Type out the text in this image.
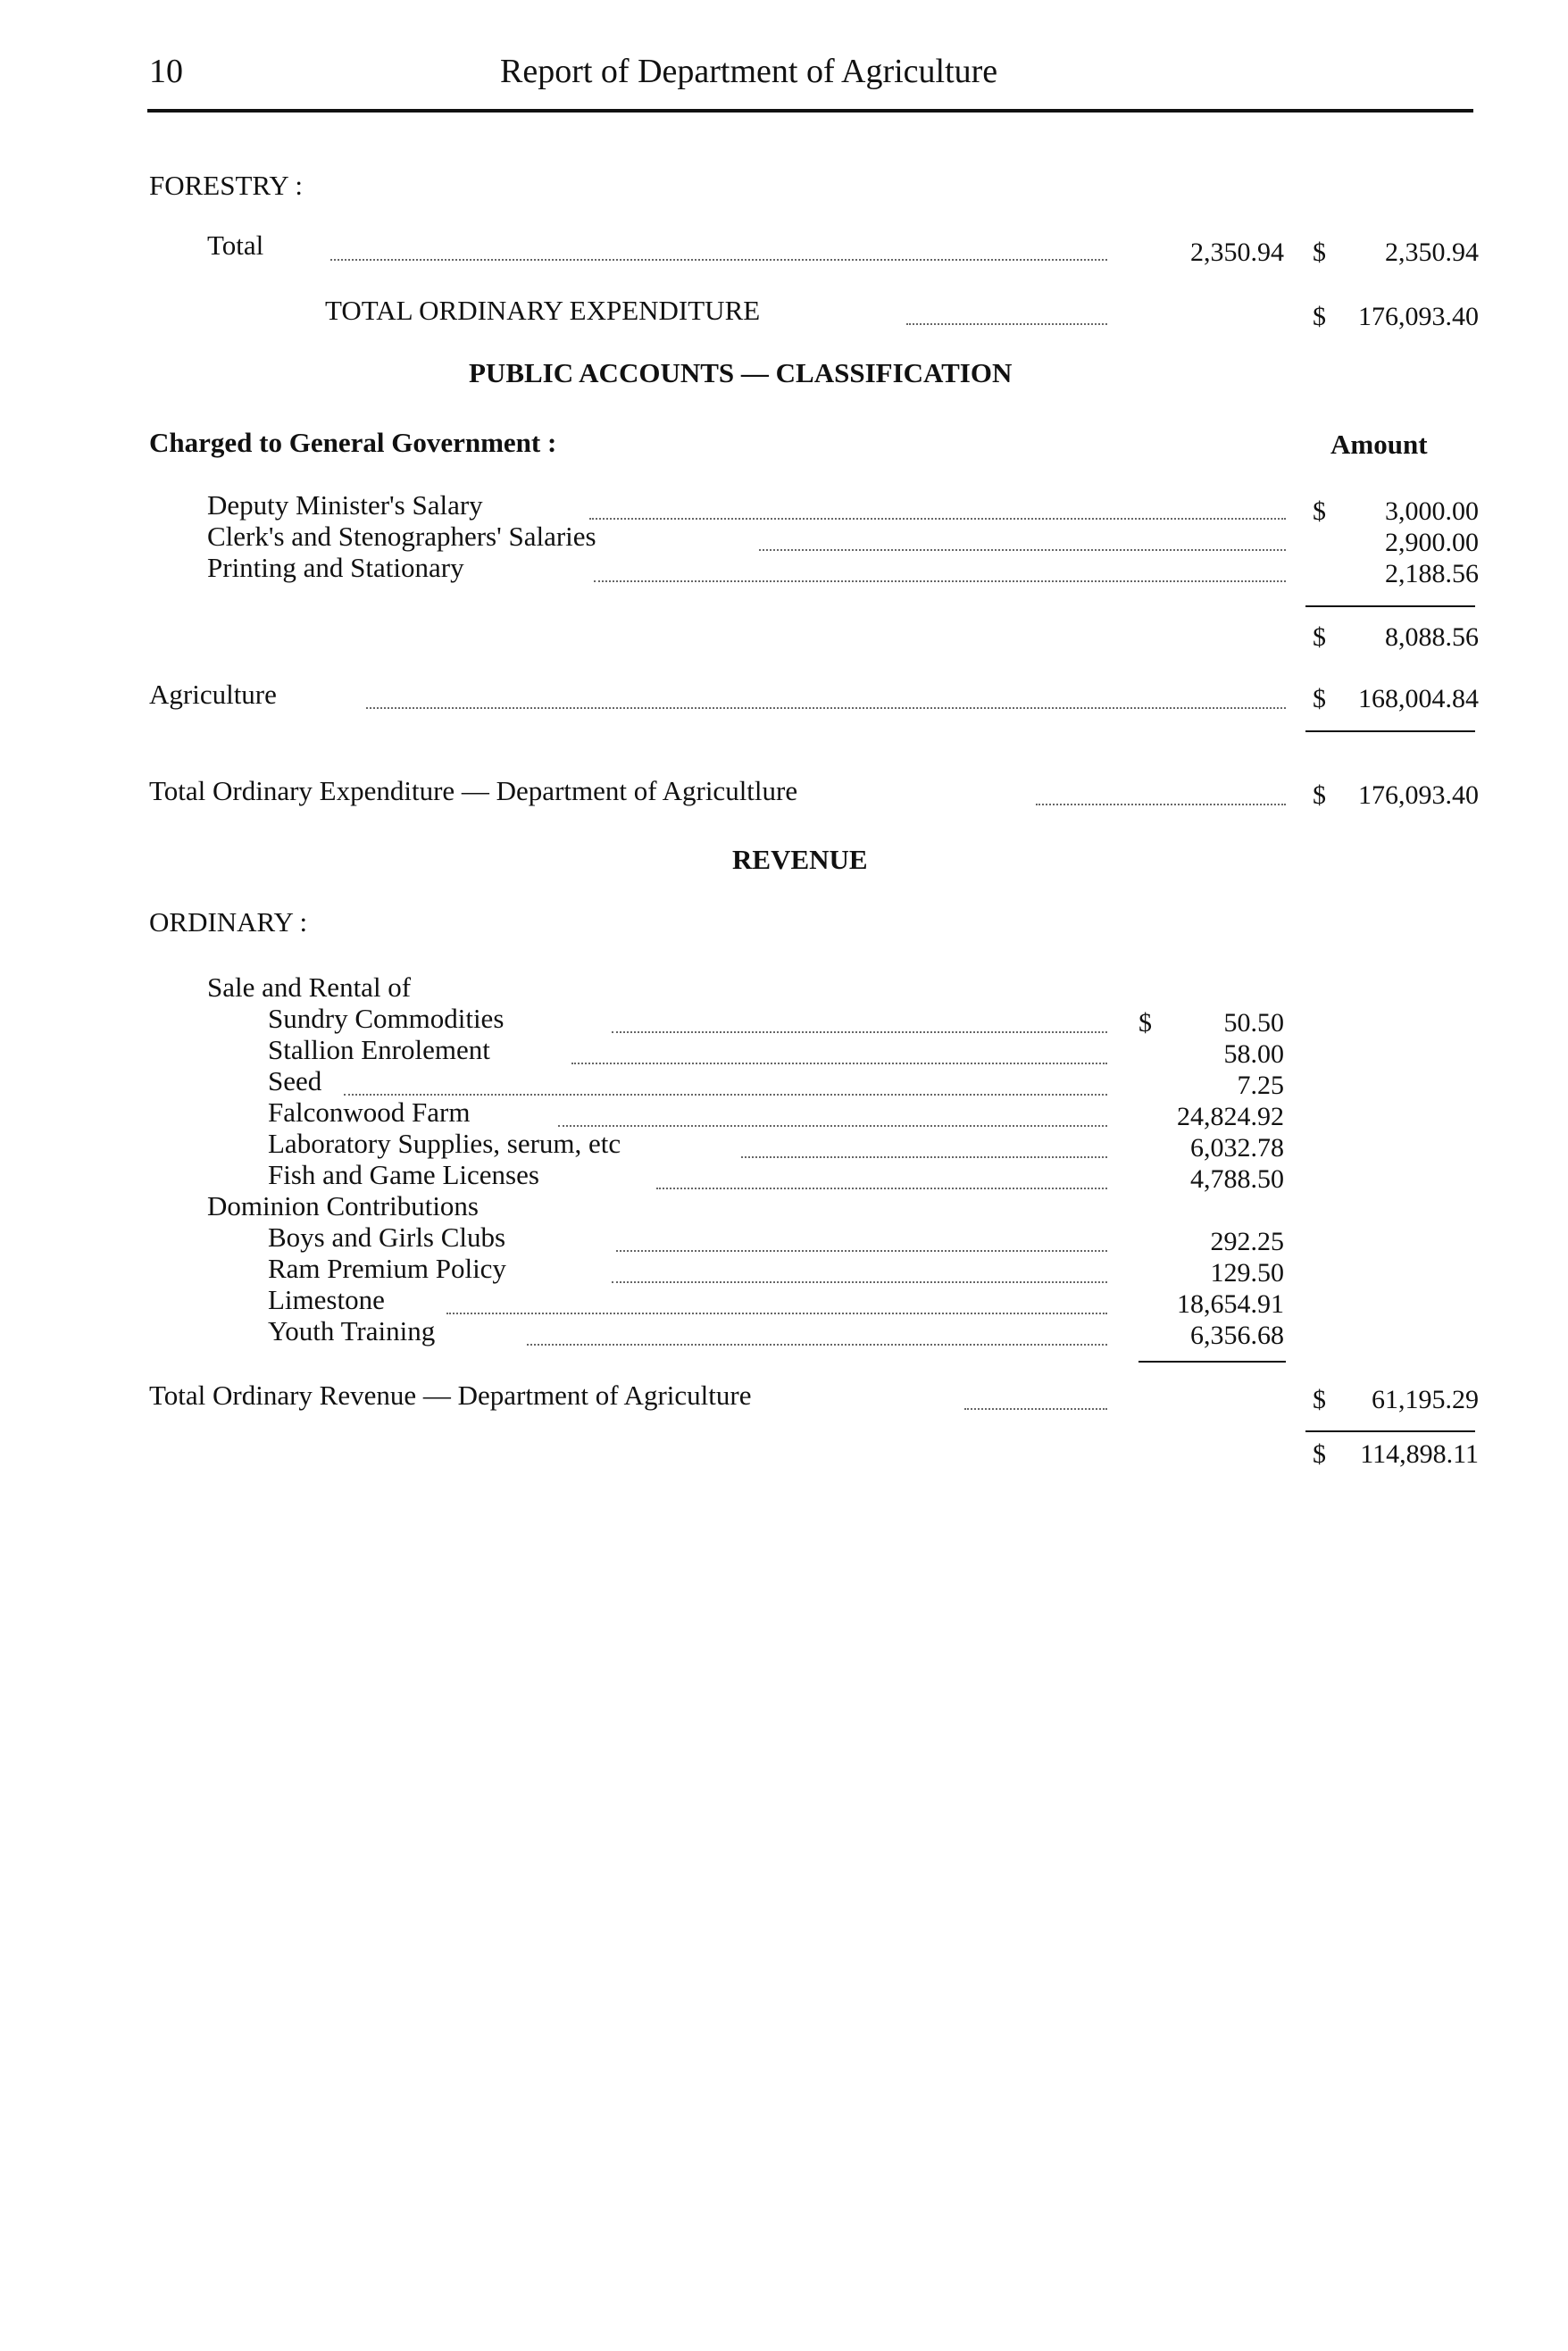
10	Report of Department of Agriculture
FORESTRY :
Total	2,350.94 $ 2,350.94
TOTAL ORDINARY EXPENDITURE	$ 176,093.40
PUBLIC ACCOUNTS — CLASSIFICATION
Charged to General Government :	Amount
Deputy Minister's Salary	$ 3,000.00
Clerk's and Stenographers' Salaries	2,900.00
Printing and Stationary	2,188.56
$ 8,088.56
Agriculture	$ 168,004.84
Total Ordinary Expenditure — Department of Agricultlure	$ 176,093.40
REVENUE
ORDINARY :
Sale and Rental of
Sundry Commodities	$	50.50
Stallion Enrolement	58.00
Seed	7.25
Falconwood Farm	24,824.92
Laboratory Supplies, serum, etc	6,032.78
Fish and Game Licenses	4,788.50
Dominion Contributions
Boys and Girls Clubs	292.25
Ram Premium Policy	129.50
Limestone	18,654.91
Youth Training	6,356.68
Total Ordinary Revenue — Department of Agriculture	$ 61,195.29
$ 114,898.11
